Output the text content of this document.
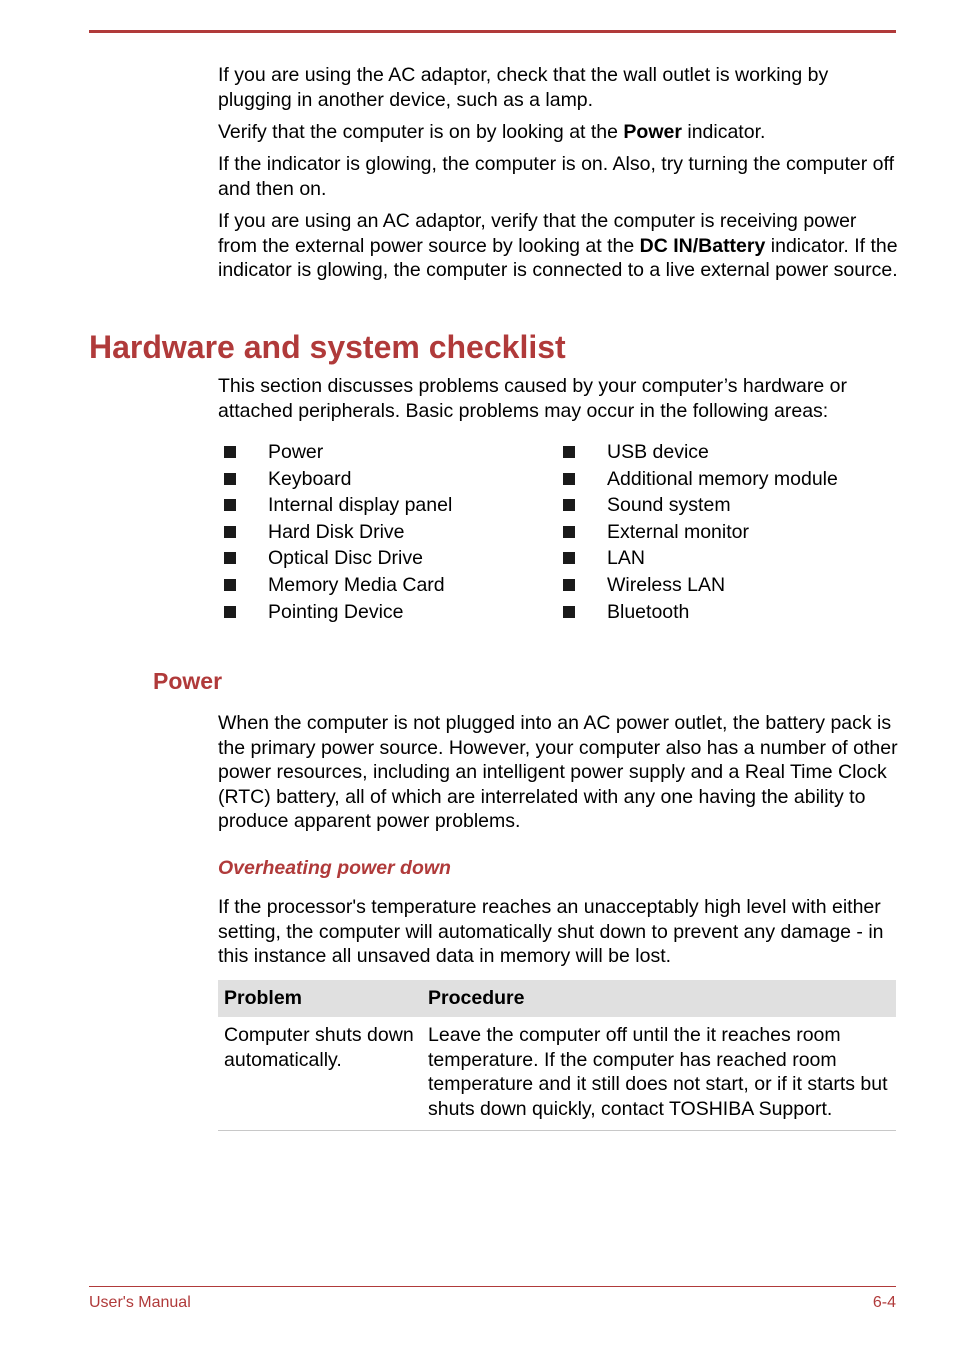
If you are using the AC adaptor, check that the wall outlet is working by plugging in another device, such as a lamp.

Verify that the computer is on by looking at the Power indicator.

If the indicator is glowing, the computer is on. Also, try turning the computer off and then on.

If you are using an AC adaptor, verify that the computer is receiving power from the external power source by looking at the DC IN/Battery indicator. If the indicator is glowing, the computer is connected to a live external power source.

Hardware and system checklist

This section discusses problems caused by your computer’s hardware or attached peripherals. Basic problems may occur in the following areas:

Power
Keyboard
Internal display panel
Hard Disk Drive
Optical Disc Drive
Memory Media Card
Pointing Device
USB device
Additional memory module
Sound system
External monitor
LAN
Wireless LAN
Bluetooth
Power

When the computer is not plugged into an AC power outlet, the battery pack is the primary power source. However, your computer also has a number of other power resources, including an intelligent power supply and a Real Time Clock (RTC) battery, all of which are interrelated with any one having the ability to produce apparent power problems.

Overheating power down

If the processor's temperature reaches an unacceptably high level with either setting, the computer will automatically shut down to prevent any damage - in this instance all unsaved data in memory will be lost.

Problem	Procedure
Computer shuts down automatically.	Leave the computer off until the it reaches room temperature. If the computer has reached room temperature and it still does not start, or if it starts but shuts down quickly, contact TOSHIBA Support.
User's Manual	6-4
